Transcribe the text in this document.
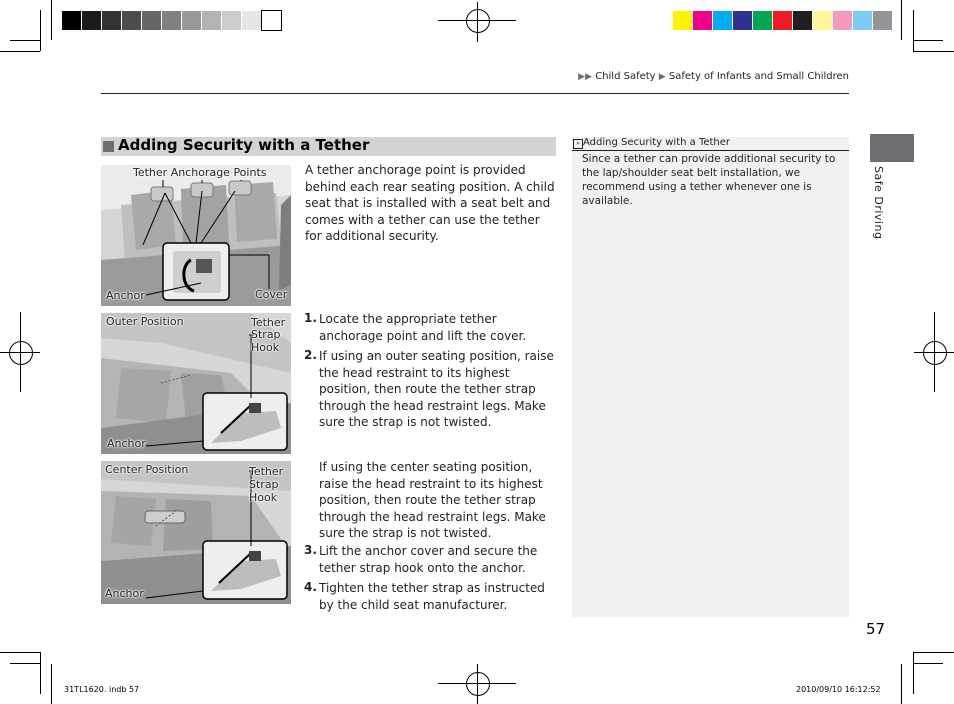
▶▶ Child Safety ▶ Safety of Infants and Small Children
Adding Security with a Tether
Tether Anchorage Points
Anchor	Cover
Outer Position	Tether
Strap
Hook
Anchor
Center Position	Tether
Strap
Hook
Anchor
A tether anchorage point is provided behind each rear seating position. A child seat that is installed with a seat belt and comes with a tether can use the tether for additional security.
1. Locate the appropriate tether anchorage point and lift the cover.
2. If using an outer seating position, raise the head restraint to its highest position, then route the tether strap through the head restraint legs. Make sure the strap is not twisted.
If using the center seating position, raise the head restraint to its highest position, then route the tether strap through the head restraint legs. Make sure the strap is not twisted.
3. Lift the anchor cover and secure the tether strap hook onto the anchor.
4. Tighten the tether strap as instructed by the child seat manufacturer.
» Adding Security with a Tether
Since a tether can provide additional security to the lap/shoulder seat belt installation, we recommend using a tether whenever one is available.	Safe Driving
57
31TL1620. indb 57	2010/09/10 16:12:52
